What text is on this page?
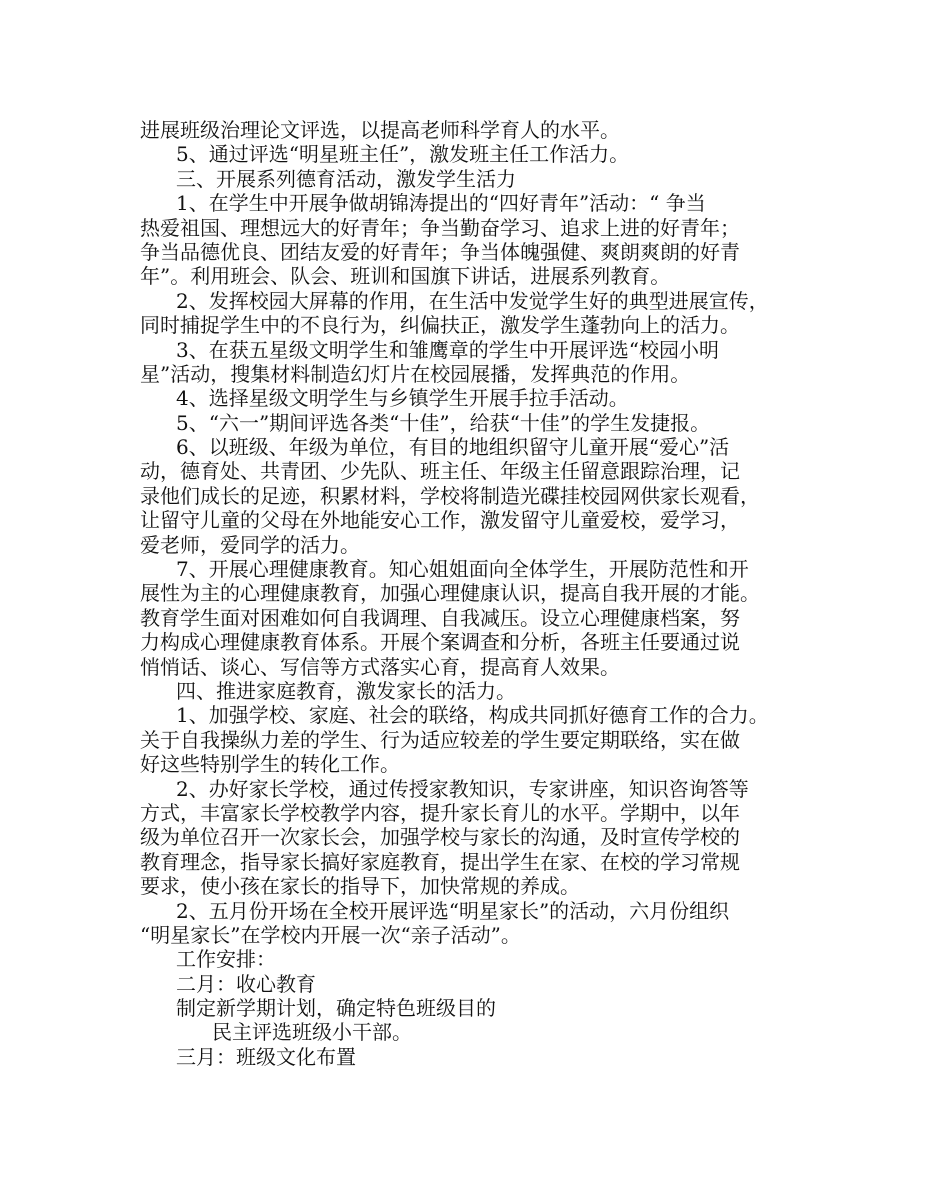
进展班级治理论文评选，以提高老师科学育人的水平。
5、通过评选“明星班主任”，激发班主任工作活力。
三、开展系列德育活动，激发学生活力
1、在学生中开展争做胡锦涛提出的“四好青年”活动：“ 争当
热爱祖国、理想远大的好青年；争当勤奋学习、追求上进的好青年；
争当品德优良、团结友爱的好青年；争当体魄强健、爽朗爽朗的好青
年”。利用班会、队会、班训和国旗下讲话，进展系列教育。
2、发挥校园大屏幕的作用，在生活中发觉学生好的典型进展宣传，
同时捕捉学生中的不良行为，纠偏扶正，激发学生蓬勃向上的活力。
3、在获五星级文明学生和雏鹰章的学生中开展评选“校园小明
星”活动，搜集材料制造幻灯片在校园展播，发挥典范的作用。
4、选择星级文明学生与乡镇学生开展手拉手活动。
5、“六一”期间评选各类“十佳”，给获“十佳”的学生发捷报。
6、以班级、年级为单位，有目的地组织留守儿童开展“爱心”活
动，德育处、共青团、少先队、班主任、年级主任留意跟踪治理，记
录他们成长的足迹，积累材料，学校将制造光碟挂校园网供家长观看，
让留守儿童的父母在外地能安心工作，激发留守儿童爱校，爱学习，
爱老师，爱同学的活力。
7、开展心理健康教育。知心姐姐面向全体学生，开展防范性和开
展性为主的心理健康教育，加强心理健康认识，提高自我开展的才能。
教育学生面对困难如何自我调理、自我减压。设立心理健康档案，努
力构成心理健康教育体系。开展个案调查和分析，各班主任要通过说
悄悄话、谈心、写信等方式落实心育，提高育人效果。
四、推进家庭教育，激发家长的活力。
1、加强学校、家庭、社会的联络，构成共同抓好德育工作的合力。
关于自我操纵力差的学生、行为适应较差的学生要定期联络，实在做
好这些特别学生的转化工作。
2、办好家长学校，通过传授家教知识，专家讲座，知识咨询答等
方式，丰富家长学校教学内容，提升家长育儿的水平。学期中，以年
级为单位召开一次家长会，加强学校与家长的沟通，及时宣传学校的
教育理念，指导家长搞好家庭教育，提出学生在家、在校的学习常规
要求，使小孩在家长的指导下，加快常规的养成。
2、五月份开场在全校开展评选“明星家长”的活动，六月份组织
“明星家长”在学校内开展一次“亲子活动”。
工作安排：
二月：收心教育
制定新学期计划，确定特色班级目的
民主评选班级小干部。
三月：班级文化布置
